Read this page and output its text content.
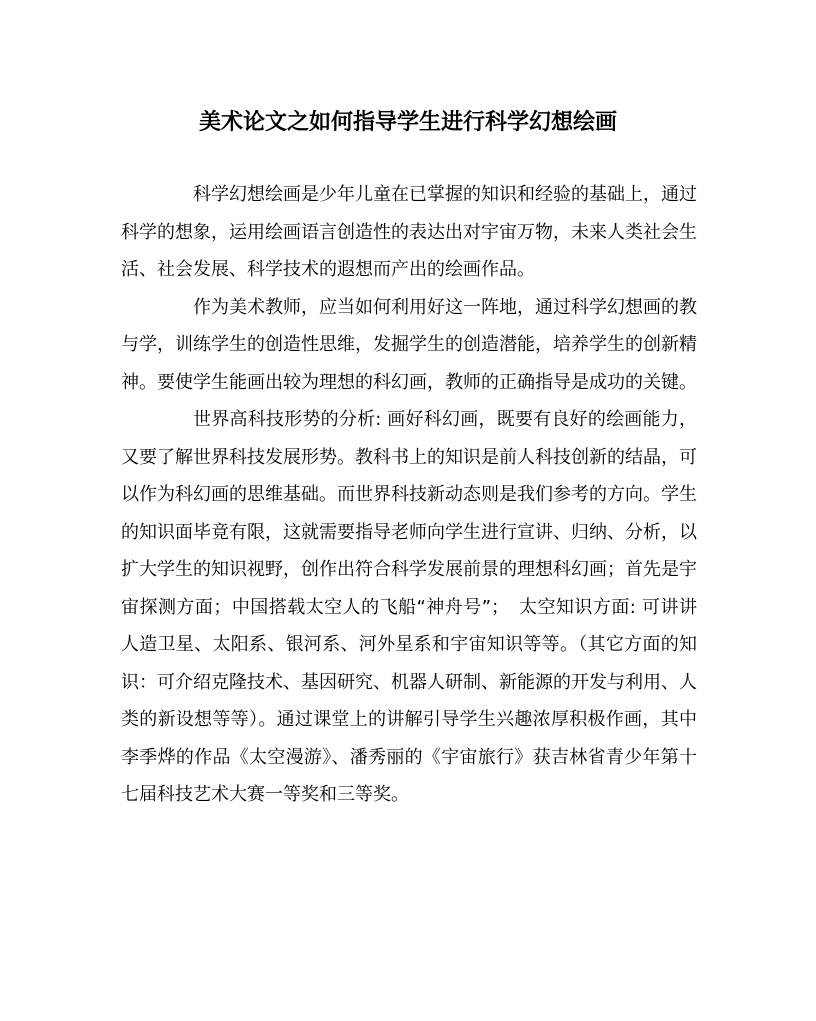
美术论文之如何指导学生进行科学幻想绘画

科学幻想绘画是少年儿童在已掌握的知识和经验的基础上，通过科学的想象，运用绘画语言创造性的表达出对宇宙万物，未来人类社会生活、社会发展、科学技术的遐想而产出的绘画作品。

作为美术教师，应当如何利用好这一阵地，通过科学幻想画的教与学，训练学生的创造性思维，发掘学生的创造潜能，培养学生的创新精神。要使学生能画出较为理想的科幻画，教师的正确指导是成功的关键。

世界高科技形势的分析: 画好科幻画，既要有良好的绘画能力，又要了解世界科技发展形势。教科书上的知识是前人科技创新的结晶，可以作为科幻画的思维基础。而世界科技新动态则是我们参考的方向。学生的知识面毕竟有限，这就需要指导老师向学生进行宣讲、归纳、分析，以扩大学生的知识视野，创作出符合科学发展前景的理想科幻画；首先是宇宙探测方面；中国搭载太空人的飞船“神舟号”；　太空知识方面: 可讲讲人造卫星、太阳系、银河系、河外星系和宇宙知识等等。（其它方面的知识：可介绍克隆技术、基因研究、机器人研制、新能源的开发与利用、人类的新设想等等）。通过课堂上的讲解引导学生兴趣浓厚积极作画，其中李季烨的作品《太空漫游》、潘秀丽的《宇宙旅行》获吉林省青少年第十七届科技艺术大赛一等奖和三等奖。
